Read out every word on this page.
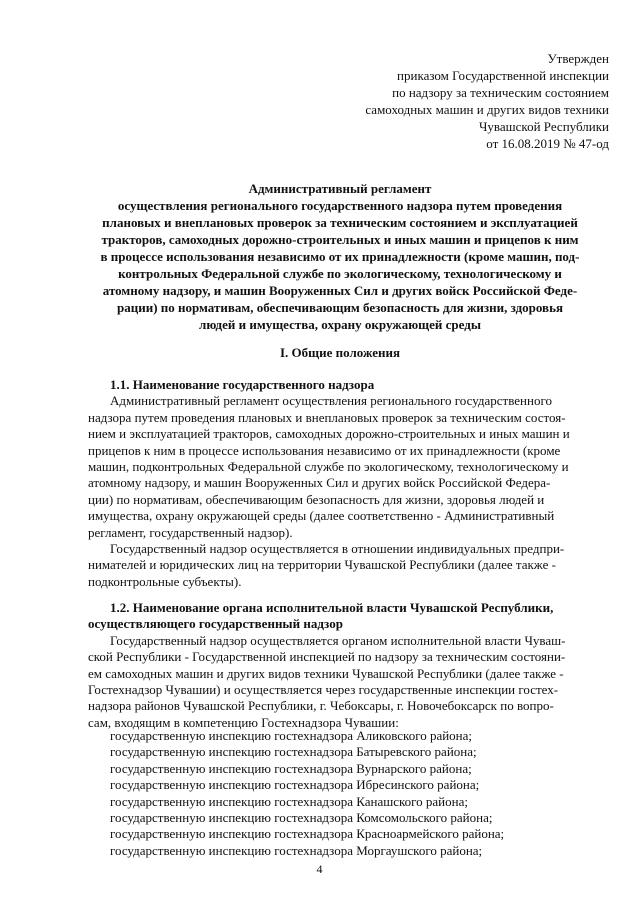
Утвержден
приказом Государственной инспекции
по надзору за техническим состоянием
самоходных машин и других видов техники
Чувашской Республики
от 16.08.2019 № 47-од
Административный регламент
осуществления регионального государственного надзора путем проведения
плановых и внеплановых проверок за техническим состоянием и эксплуатацией
тракторов, самоходных дорожно-строительных и иных машин и прицепов к ним
в процессе использования независимо от их принадлежности (кроме машин, под-
контрольных Федеральной службе по экологическому, технологическому и
атомному надзору, и машин Вооруженных Сил и других войск Российской Феде-
рации) по нормативам, обеспечивающим безопасность для жизни, здоровья
людей и имущества, охрану окружающей среды
I. Общие положения
1.1. Наименование государственного надзора
Административный регламент осуществления регионального государственного
надзора путем проведения плановых и внеплановых проверок за техническим состоя-
нием и эксплуатацией тракторов, самоходных дорожно-строительных и иных машин и
прицепов к ним в процессе использования независимо от их принадлежности (кроме
машин, подконтрольных Федеральной службе по экологическому, технологическому и
атомному надзору, и машин Вооруженных Сил и других войск Российской Федера-
ции) по нормативам, обеспечивающим безопасность для жизни, здоровья людей и
имущества, охрану окружающей среды (далее соответственно - Административный
регламент, государственный надзор).
Государственный надзор осуществляется в отношении индивидуальных предпри-
нимателей и юридических лиц на территории Чувашской Республики (далее также -
подконтрольные субъекты).
1.2. Наименование органа исполнительной власти Чувашской Республики,
осуществляющего государственный надзор
Государственный надзор осуществляется органом исполнительной власти Чуваш-
ской Республики - Государственной инспекцией по надзору за техническим состояни-
ем самоходных машин и других видов техники Чувашской Республики (далее также -
Гостехнадзор Чувашии) и осуществляется через государственные инспекции гостех-
надзора районов Чувашской Республики, г. Чебоксары, г. Новочебоксарск по вопро-
сам, входящим в компетенцию Гостехнадзора Чувашии:
государственную инспекцию гостехнадзора Аликовского района;
государственную инспекцию гостехнадзора Батыревского района;
государственную инспекцию гостехнадзора Вурнарского района;
государственную инспекцию гостехнадзора Ибресинского района;
государственную инспекцию гостехнадзора Канашского района;
государственную инспекцию гостехнадзора Комсомольского района;
государственную инспекцию гостехнадзора Красноармейского района;
государственную инспекцию гостехнадзора Моргаушского района;
4
